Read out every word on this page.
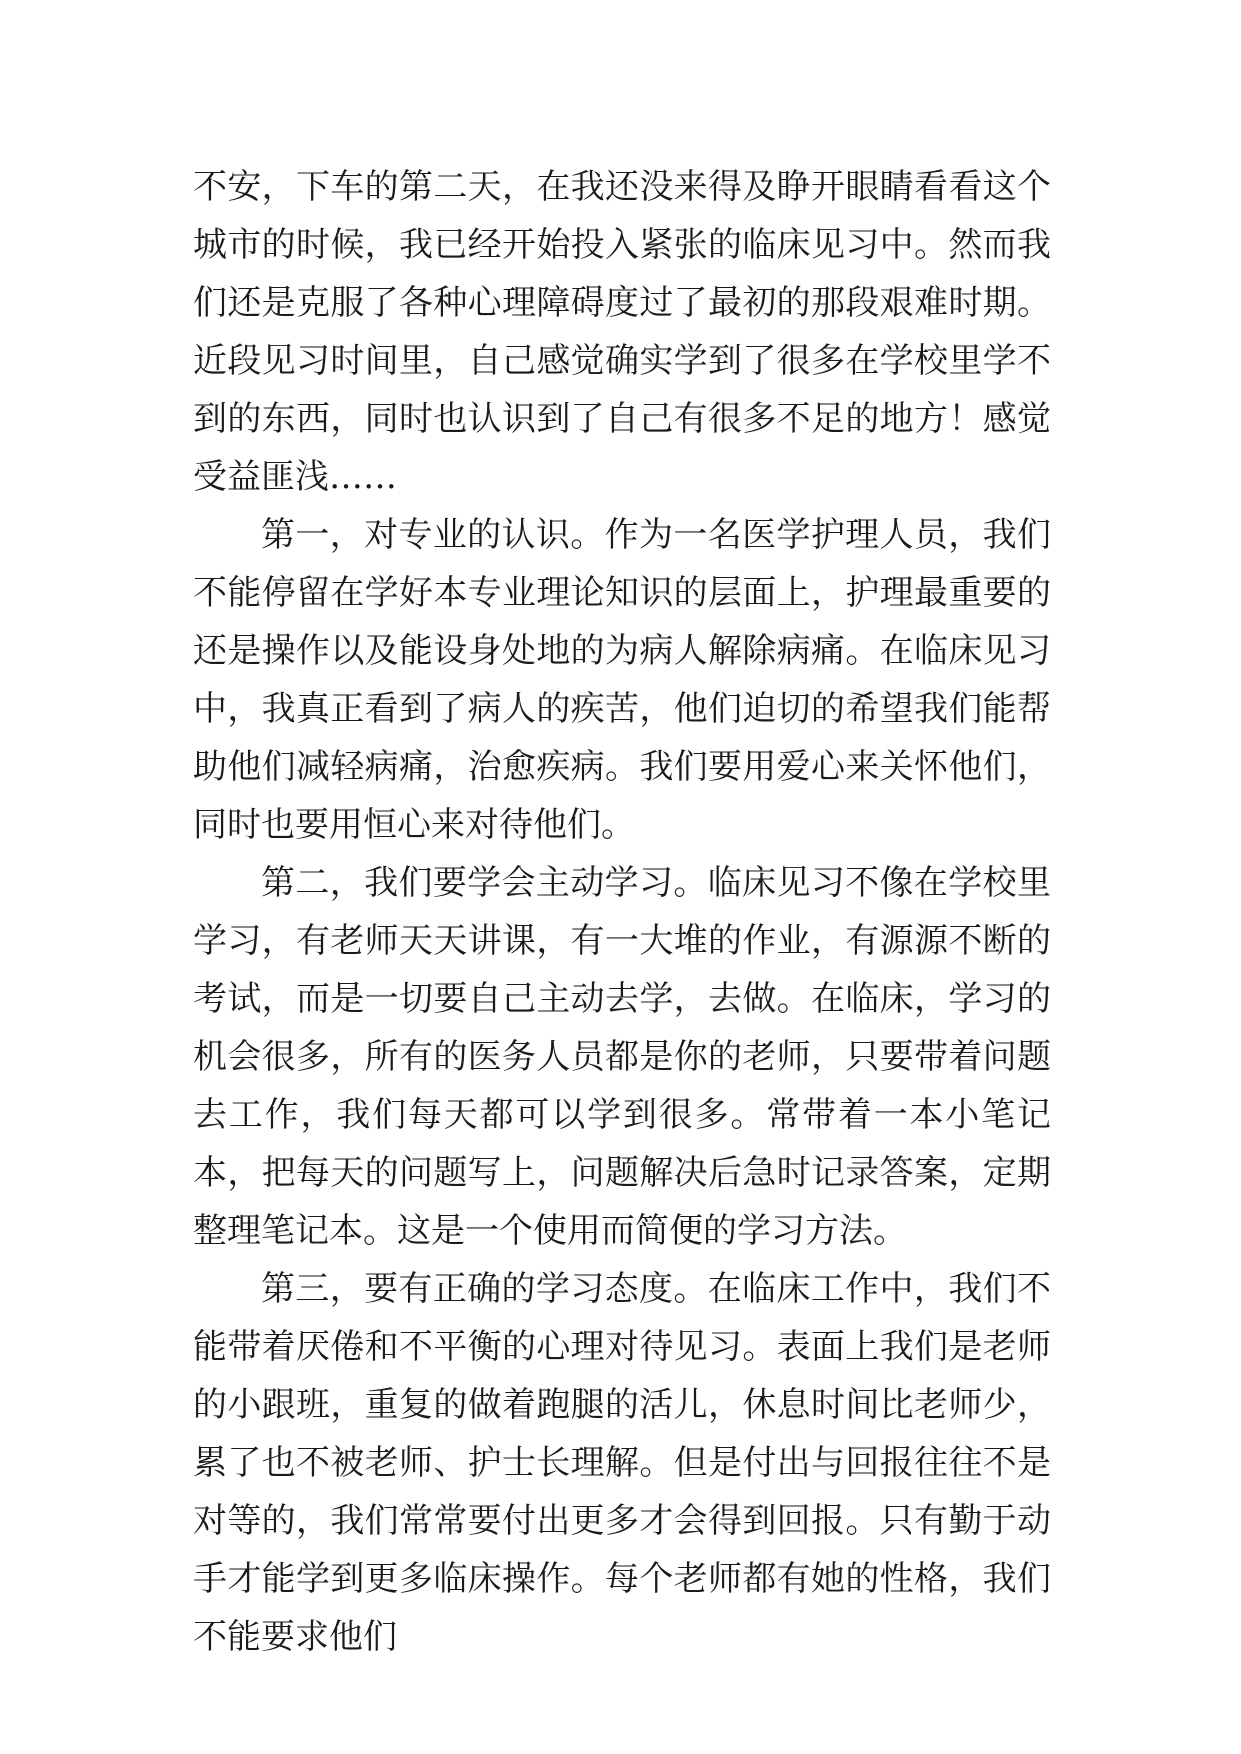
不安，下车的第二天，在我还没来得及睁开眼睛看看这个城市的时候，我已经开始投入紧张的临床见习中。然而我们还是克服了各种心理障碍度过了最初的那段艰难时期。近段见习时间里，自己感觉确实学到了很多在学校里学不到的东西，同时也认识到了自己有很多不足的地方！感觉受益匪浅……

第一，对专业的认识。作为一名医学护理人员，我们不能停留在学好本专业理论知识的层面上，护理最重要的还是操作以及能设身处地的为病人解除病痛。在临床见习中，我真正看到了病人的疾苦，他们迫切的希望我们能帮助他们减轻病痛，治愈疾病。我们要用爱心来关怀他们，同时也要用恒心来对待他们。

第二，我们要学会主动学习。临床见习不像在学校里学习，有老师天天讲课，有一大堆的作业，有源源不断的考试，而是一切要自己主动去学，去做。在临床，学习的机会很多，所有的医务人员都是你的老师，只要带着问题去工作，我们每天都可以学到很多。常带着一本小笔记本，把每天的问题写上，问题解决后急时记录答案，定期整理笔记本。这是一个使用而简便的学习方法。

第三，要有正确的学习态度。在临床工作中，我们不能带着厌倦和不平衡的心理对待见习。表面上我们是老师的小跟班，重复的做着跑腿的活儿，休息时间比老师少，累了也不被老师、护士长理解。但是付出与回报往往不是对等的，我们常常要付出更多才会得到回报。只有勤于动手才能学到更多临床操作。每个老师都有她的性格，我们不能要求他们
